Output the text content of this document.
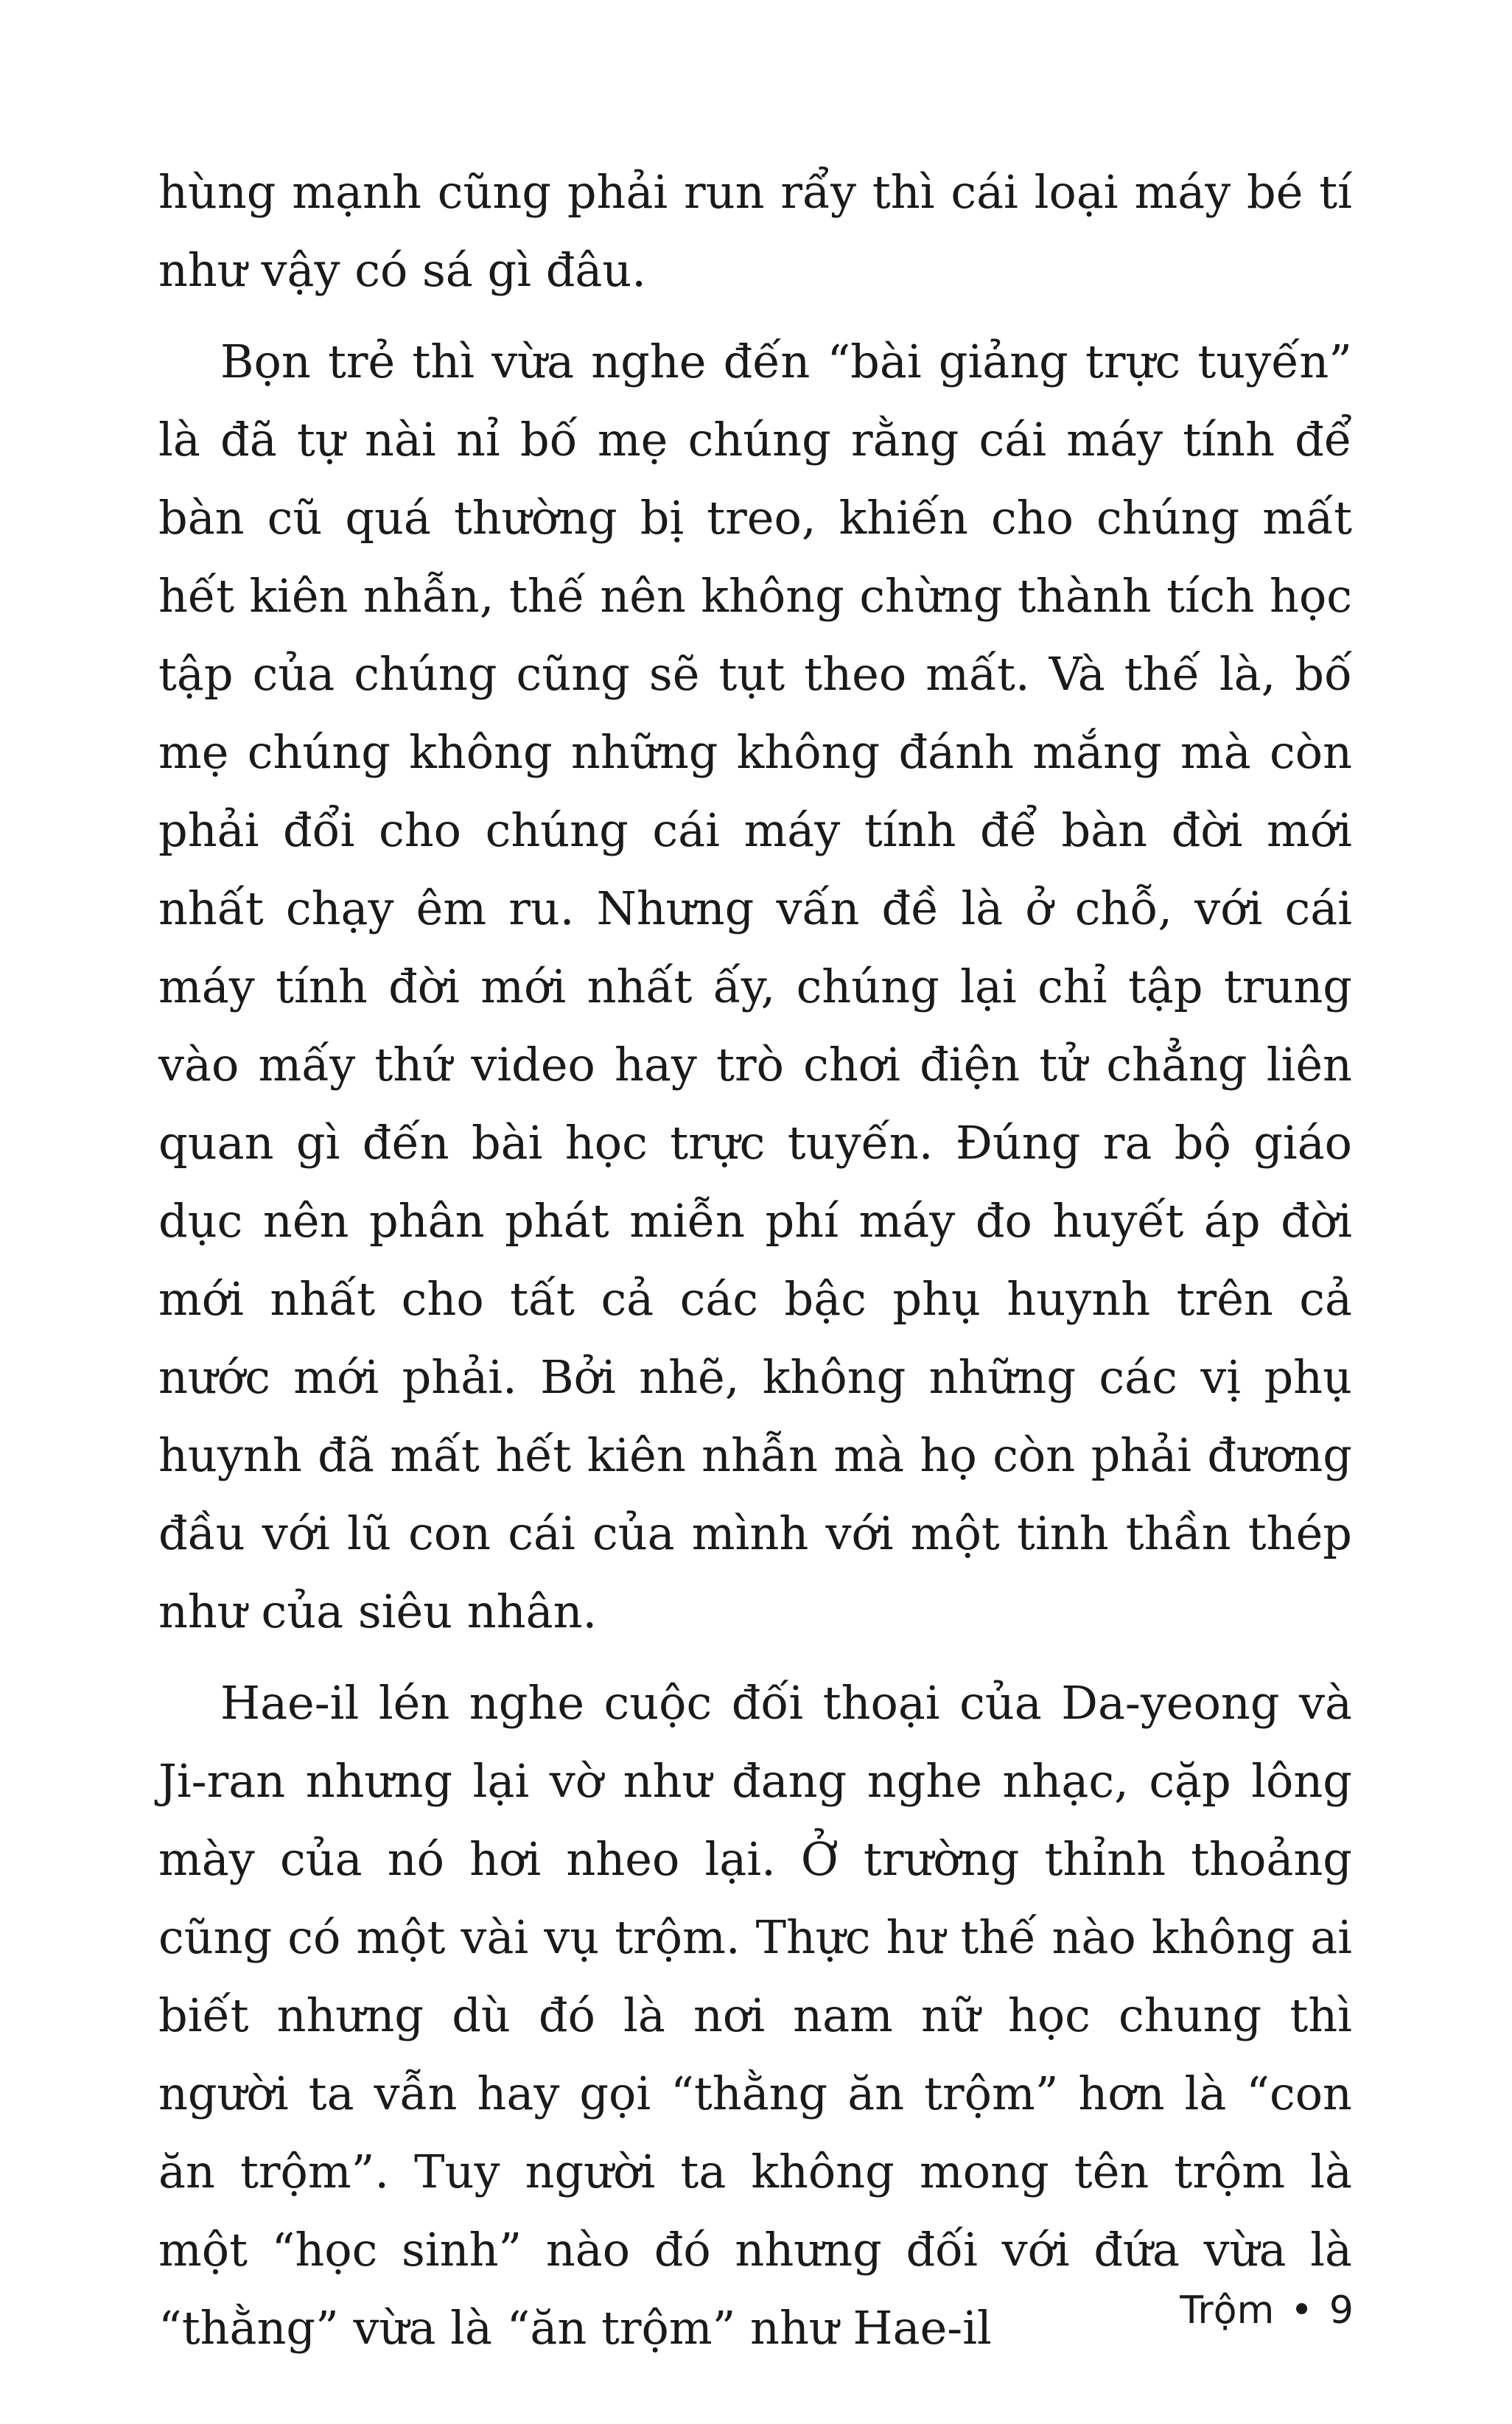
hùng mạnh cũng phải run rẩy thì cái loại máy bé tí như vậy có sá gì đâu.

Bọn trẻ thì vừa nghe đến “bài giảng trực tuyến” là đã tự nài nỉ bố mẹ chúng rằng cái máy tính để bàn cũ quá thường bị treo, khiến cho chúng mất hết kiên nhẫn, thế nên không chừng thành tích học tập của chúng cũng sẽ tụt theo mất. Và thế là, bố mẹ chúng không những không đánh mắng mà còn phải đổi cho chúng cái máy tính để bàn đời mới nhất chạy êm ru. Nhưng vấn đề là ở chỗ, với cái máy tính đời mới nhất ấy, chúng lại chỉ tập trung vào mấy thứ video hay trò chơi điện tử chẳng liên quan gì đến bài học trực tuyến. Đúng ra bộ giáo dục nên phân phát miễn phí máy đo huyết áp đời mới nhất cho tất cả các bậc phụ huynh trên cả nước mới phải. Bởi nhẽ, không những các vị phụ huynh đã mất hết kiên nhẫn mà họ còn phải đương đầu với lũ con cái của mình với một tinh thần thép như của siêu nhân.

Hae-il lén nghe cuộc đối thoại của Da-yeong và Ji-ran nhưng lại vờ như đang nghe nhạc, cặp lông mày của nó hơi nheo lại. Ở trường thỉnh thoảng cũng có một vài vụ trộm. Thực hư thế nào không ai biết nhưng dù đó là nơi nam nữ học chung thì người ta vẫn hay gọi “thằng ăn trộm” hơn là “con ăn trộm”. Tuy người ta không mong tên trộm là một “học sinh” nào đó nhưng đối với đứa vừa là “thằng” vừa là “ăn trộm” như Hae-il	Trộm • 9
